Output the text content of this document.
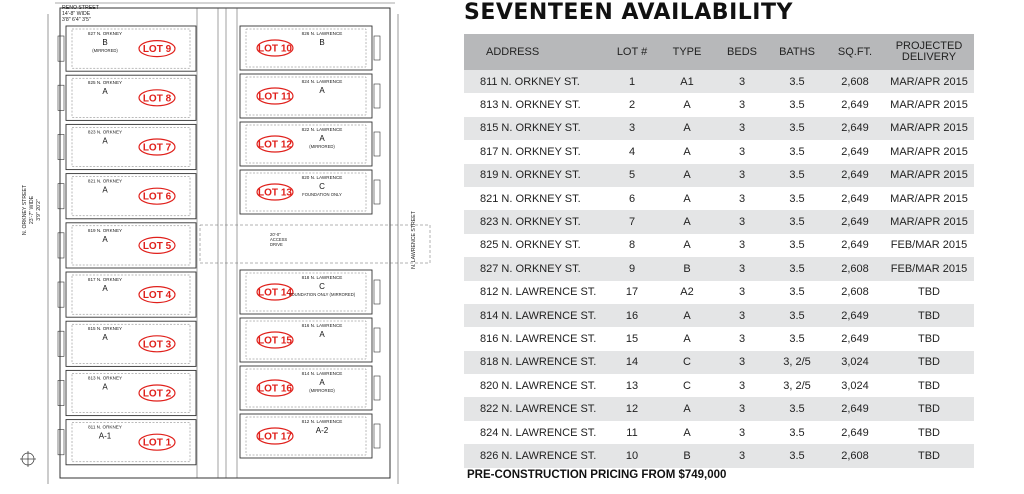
RENO STREET
14'-8" WIDE
3'8" 6'4" 3'5"
N. ORKNEY STREET 23'-7" WIDE 3'9" 20'2"
N. LAWRENCE STREET
20'-0"
ACCESS
DRIVE
LOT 9
827 N. ORKNEY
B
(MIRRORED)
LOT 8
825 N. ORKNEY
A
LOT 7
823 N. ORKNEY
A
LOT 6
821 N. ORKNEY
A
LOT 5
819 N. ORKNEY
A
LOT 4
817 N. ORKNEY
A
LOT 3
815 N. ORKNEY
A
LOT 2
813 N. ORKNEY
A
LOT 1
811 N. ORKNEY
A-1
LOT 10
826 N. LAWRENCE
B
LOT 11
824 N. LAWRENCE
A
LOT 12
822 N. LAWRENCE
A
(MIRRORED)
LOT 13
820 N. LAWRENCE
C
FOUNDATION ONLY
LOT 14
818 N. LAWRENCE
C
FOUNDATION ONLY (MIRRORED)
LOT 15
816 N. LAWRENCE
A
LOT 16
814 N. LAWRENCE
A
(MIRRORED)
LOT 17
812 N. LAWRENCE
A-2
SEVENTEEN AVAILABILITY
ADDRESS	LOT #	TYPE	BEDS	BATHS	SQ.FT.	PROJECTED DELIVERY
811 N. ORKNEY ST.	1	A1	3	3.5	2,608	MAR/APR 2015
813 N. ORKNEY ST.	2	A	3	3.5	2,649	MAR/APR 2015
815 N. ORKNEY ST.	3	A	3	3.5	2,649	MAR/APR 2015
817 N. ORKNEY ST.	4	A	3	3.5	2,649	MAR/APR 2015
819 N. ORKNEY ST.	5	A	3	3.5	2,649	MAR/APR 2015
821 N. ORKNEY ST.	6	A	3	3.5	2,649	MAR/APR 2015
823 N. ORKNEY ST.	7	A	3	3.5	2,649	MAR/APR 2015
825 N. ORKNEY ST.	8	A	3	3.5	2,649	FEB/MAR 2015
827 N. ORKNEY ST.	9	B	3	3.5	2,608	FEB/MAR 2015
812 N. LAWRENCE ST.	17	A2	3	3.5	2,608	TBD
814 N. LAWRENCE ST.	16	A	3	3.5	2,649	TBD
816 N. LAWRENCE ST.	15	A	3	3.5	2,649	TBD
818 N. LAWRENCE ST.	14	C	3	3, 2/5	3,024	TBD
820 N. LAWRENCE ST.	13	C	3	3, 2/5	3,024	TBD
822 N. LAWRENCE ST.	12	A	3	3.5	2,649	TBD
824 N. LAWRENCE ST.	11	A	3	3.5	2,649	TBD
826 N. LAWRENCE ST.	10	B	3	3.5	2,608	TBD
PRE-CONSTRUCTION PRICING FROM $749,000
